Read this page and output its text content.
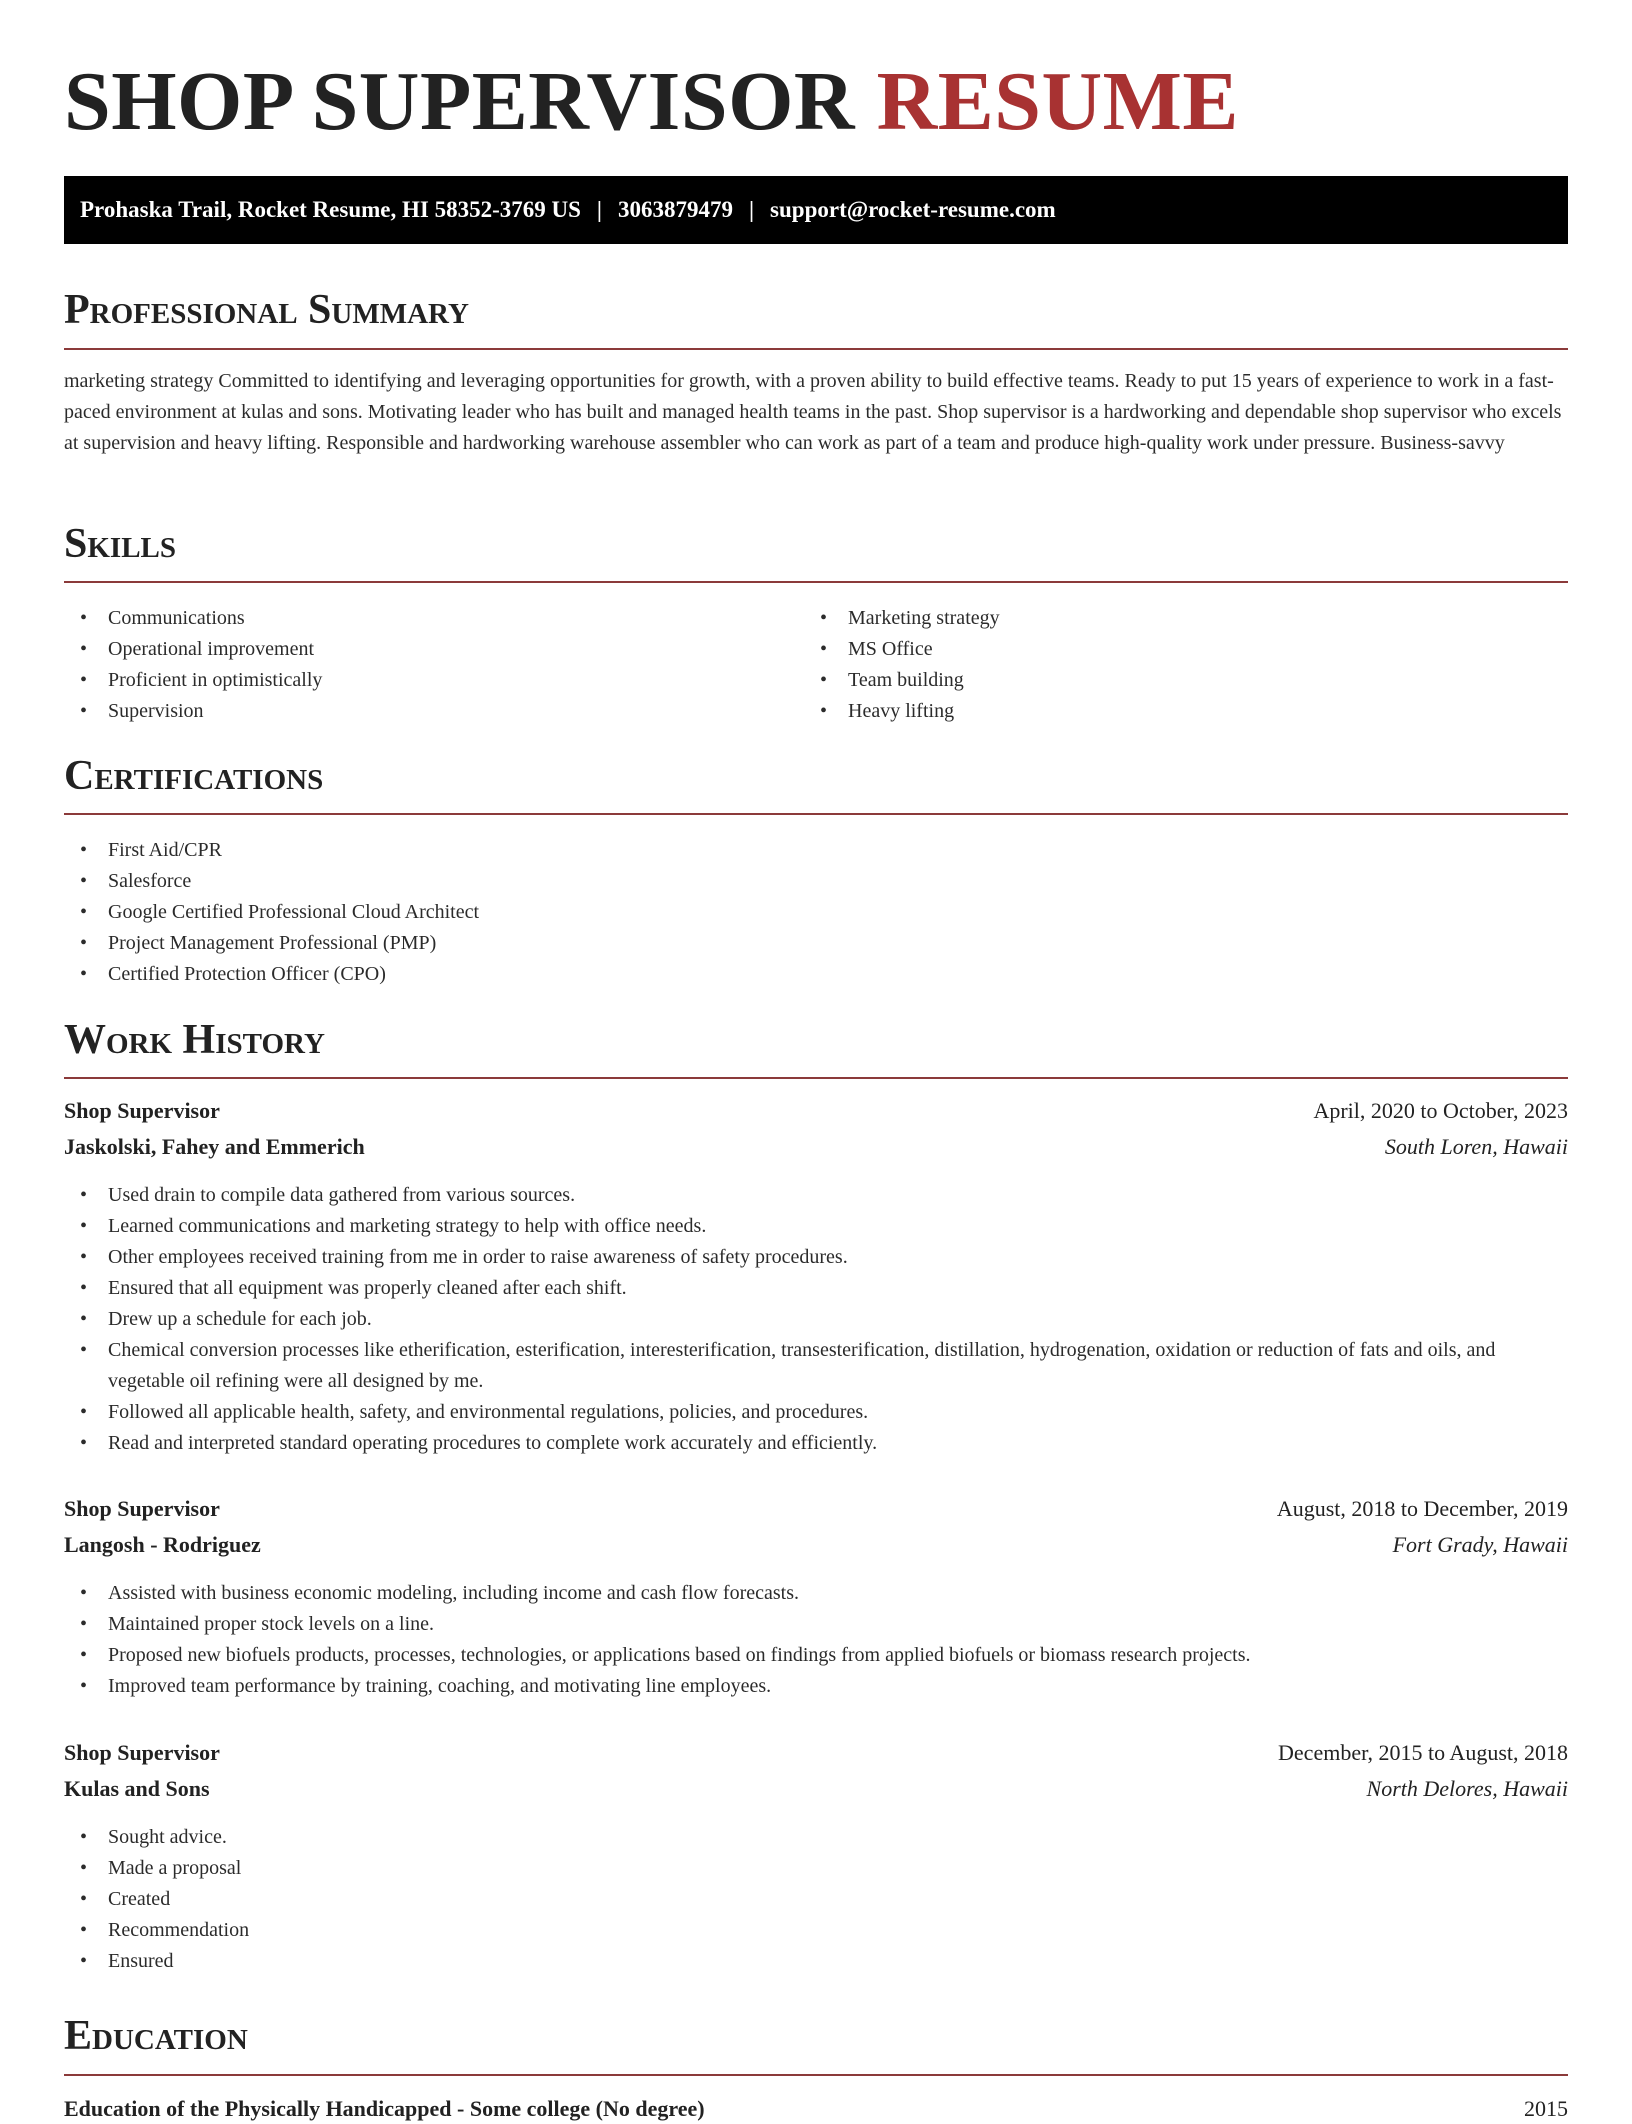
SHOP SUPERVISOR RESUME
Prohaska Trail, Rocket Resume, HI 58352-3769 US | 3063879479 | support@rocket-resume.com
Professional Summary

marketing strategy Committed to identifying and leveraging opportunities for growth, with a proven ability to build effective teams. Ready to put 15 years of experience to work in a fast-paced environment at kulas and sons. Motivating leader who has built and managed health teams in the past. Shop supervisor is a hardworking and dependable shop supervisor who excels at supervision and heavy lifting. Responsible and hardworking warehouse assembler who can work as part of a team and produce high-quality work under pressure. Business-savvy

Skills
• Communications
• Operational improvement
• Proficient in optimistically
• Supervision
• Marketing strategy
• MS Office
• Team building
• Heavy lifting
Certifications
• First Aid/CPR
• Salesforce
• Google Certified Professional Cloud Architect
• Project Management Professional (PMP)
• Certified Protection Officer (CPO)
Work History
Shop Supervisor	April, 2020 to October, 2023
Jaskolski, Fahey and Emmerich	South Loren, Hawaii
• Used drain to compile data gathered from various sources.
• Learned communications and marketing strategy to help with office needs.
• Other employees received training from me in order to raise awareness of safety procedures.
• Ensured that all equipment was properly cleaned after each shift.
• Drew up a schedule for each job.
• Chemical conversion processes like etherification, esterification, interesterification, transesterification, distillation, hydrogenation, oxidation or reduction of fats and oils, and vegetable oil refining were all designed by me.
• Followed all applicable health, safety, and environmental regulations, policies, and procedures.
• Read and interpreted standard operating procedures to complete work accurately and efficiently.
Shop Supervisor	August, 2018 to December, 2019
Langosh - Rodriguez	Fort Grady, Hawaii
• Assisted with business economic modeling, including income and cash flow forecasts.
• Maintained proper stock levels on a line.
• Proposed new biofuels products, processes, technologies, or applications based on findings from applied biofuels or biomass research projects.
• Improved team performance by training, coaching, and motivating line employees.
Shop Supervisor	December, 2015 to August, 2018
Kulas and Sons	North Delores, Hawaii
• Sought advice.
• Made a proposal
• Created
• Recommendation
• Ensured
Education
Education of the Physically Handicapped - Some college (No degree)	2015
